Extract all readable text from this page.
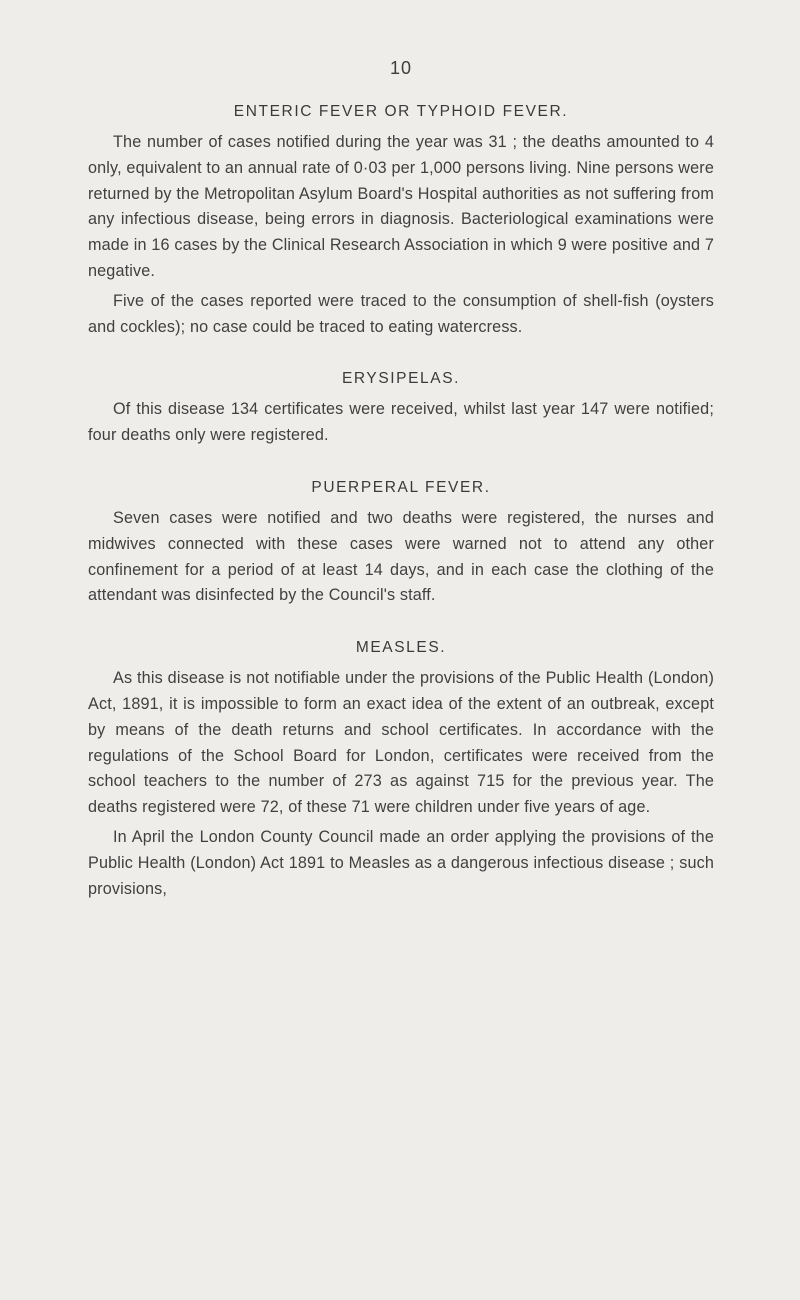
10
ENTERIC FEVER OR TYPHOID FEVER.

The number of cases notified during the year was 31 ; the deaths amounted to 4 only, equivalent to an annual rate of 0·03 per 1,000 persons living. Nine persons were returned by the Metropolitan Asylum Board's Hospital authorities as not suffering from any infectious disease, being errors in diagnosis. Bacteriological examinations were made in 16 cases by the Clinical Research Association in which 9 were positive and 7 negative.

Five of the cases reported were traced to the consumption of shell-fish (oysters and cockles); no case could be traced to eating watercress.

ERYSIPELAS.

Of this disease 134 certificates were received, whilst last year 147 were notified; four deaths only were registered.

PUERPERAL FEVER.

Seven cases were notified and two deaths were registered, the nurses and midwives connected with these cases were warned not to attend any other confinement for a period of at least 14 days, and in each case the clothing of the attendant was disinfected by the Council's staff.

MEASLES.

As this disease is not notifiable under the provisions of the Public Health (London) Act, 1891, it is impossible to form an exact idea of the extent of an outbreak, except by means of the death returns and school certificates. In accordance with the regulations of the School Board for London, certificates were received from the school teachers to the number of 273 as against 715 for the previous year. The deaths registered were 72, of these 71 were children under five years of age.

In April the London County Council made an order applying the provisions of the Public Health (London) Act 1891 to Measles as a dangerous infectious disease ; such provisions,
